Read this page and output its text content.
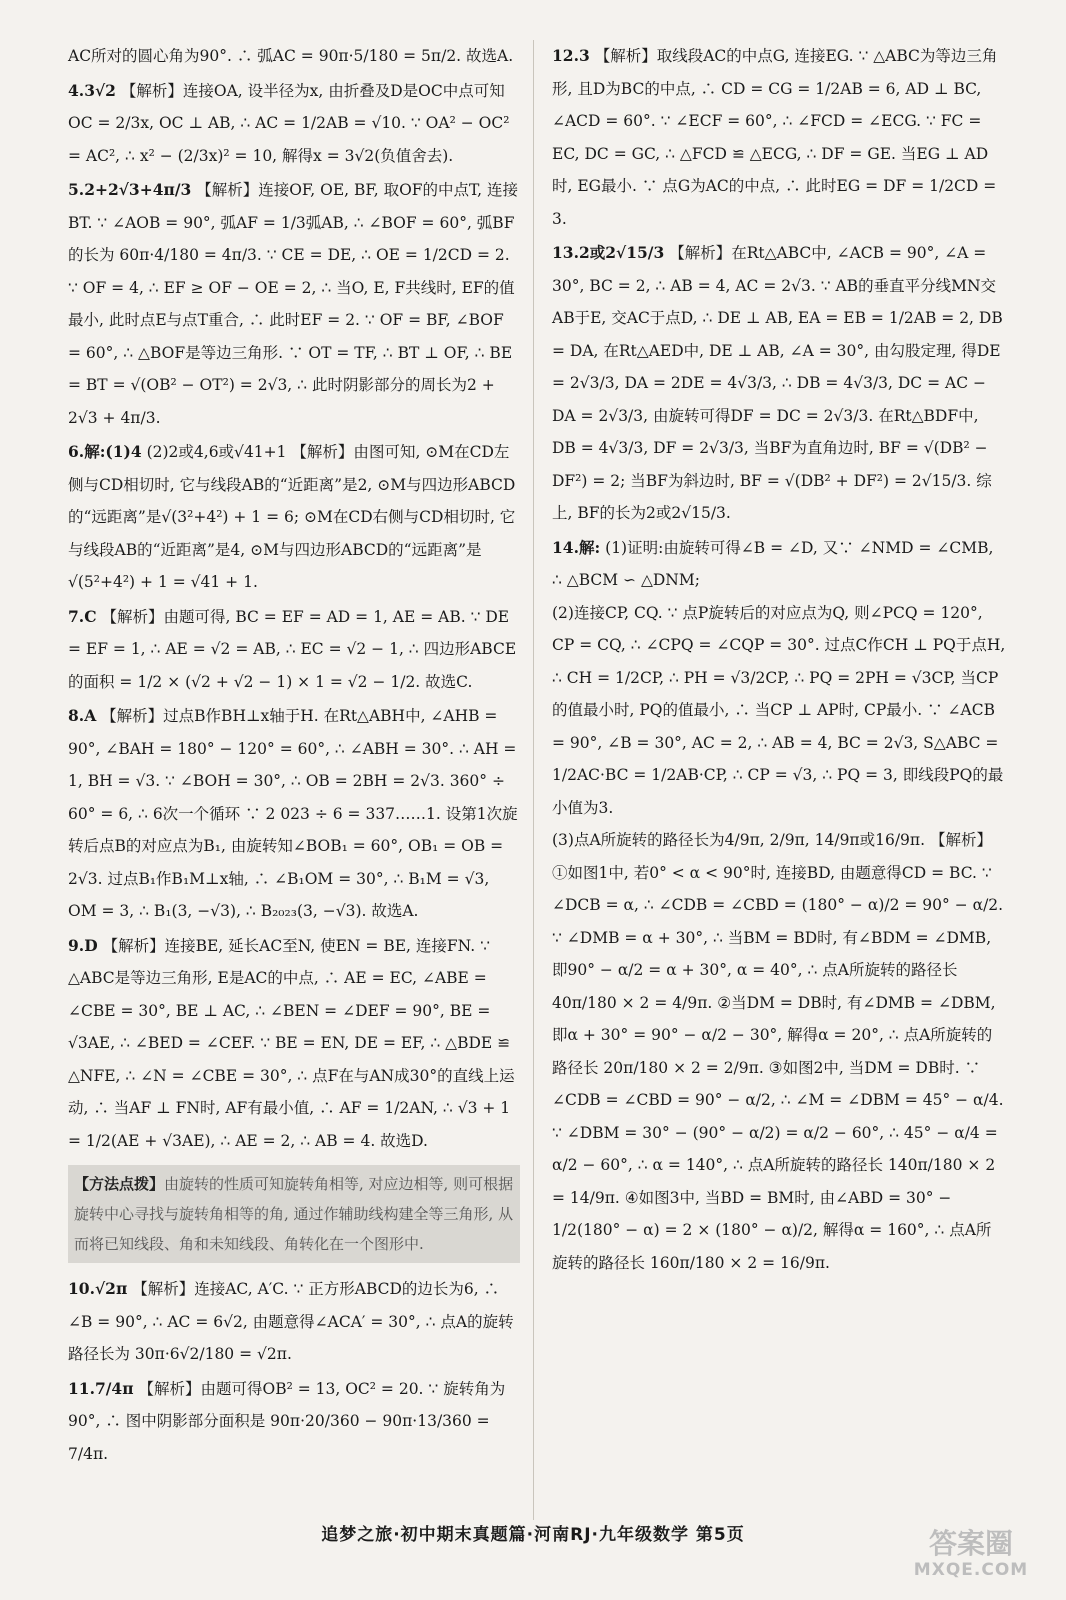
AC所对的圆心角为90°. ∴ 弧AC = 90π·5/180 = 5π/2. 故选A.

4.3√2 【解析】连接OA, 设半径为x, 由折叠及D是OC中点可知OC = 2/3x, OC ⊥ AB, ∴ AC = 1/2AB = √10. ∵ OA² − OC² = AC², ∴ x² − (2/3x)² = 10, 解得x = 3√2(负值舍去).

5.2+2√3+4π/3 【解析】连接OF, OE, BF, 取OF的中点T, 连接BT. ∵ ∠AOB = 90°, 弧AF = 1/3弧AB, ∴ ∠BOF = 60°, 弧BF的长为 60π·4/180 = 4π/3. ∵ CE = DE, ∴ OE = 1/2CD = 2. ∵ OF = 4, ∴ EF ≥ OF − OE = 2, ∴ 当O, E, F共线时, EF的值最小, 此时点E与点T重合, ∴ 此时EF = 2. ∵ OF = BF, ∠BOF = 60°, ∴ △BOF是等边三角形. ∵ OT = TF, ∴ BT ⊥ OF, ∴ BE = BT = √(OB² − OT²) = 2√3, ∴ 此时阴影部分的周长为2 + 2√3 + 4π/3.

6.解:(1)4 (2)2或4,6或√41+1 【解析】由图可知, ⊙M在CD左侧与CD相切时, 它与线段AB的“近距离”是2, ⊙M与四边形ABCD的“远距离”是√(3²+4²) + 1 = 6; ⊙M在CD右侧与CD相切时, 它与线段AB的“近距离”是4, ⊙M与四边形ABCD的“远距离”是√(5²+4²) + 1 = √41 + 1.

7.C 【解析】由题可得, BC = EF = AD = 1, AE = AB. ∵ DE = EF = 1, ∴ AE = √2 = AB, ∴ EC = √2 − 1, ∴ 四边形ABCE的面积 = 1/2 × (√2 + √2 − 1) × 1 = √2 − 1/2. 故选C.

8.A 【解析】过点B作BH⊥x轴于H. 在Rt△ABH中, ∠AHB = 90°, ∠BAH = 180° − 120° = 60°, ∴ ∠ABH = 30°. ∴ AH = 1, BH = √3. ∵ ∠BOH = 30°, ∴ OB = 2BH = 2√3. 360° ÷ 60° = 6, ∴ 6次一个循环 ∵ 2 023 ÷ 6 = 337……1. 设第1次旋转后点B的对应点为B₁, 由旋转知∠BOB₁ = 60°, OB₁ = OB = 2√3. 过点B₁作B₁M⊥x轴, ∴ ∠B₁OM = 30°, ∴ B₁M = √3, OM = 3, ∴ B₁(3, −√3), ∴ B₂₀₂₃(3, −√3). 故选A.

9.D 【解析】连接BE, 延长AC至N, 使EN = BE, 连接FN. ∵ △ABC是等边三角形, E是AC的中点, ∴ AE = EC, ∠ABE = ∠CBE = 30°, BE ⊥ AC, ∴ ∠BEN = ∠DEF = 90°, BE = √3AE, ∴ ∠BED = ∠CEF. ∵ BE = EN, DE = EF, ∴ △BDE ≌ △NFE, ∴ ∠N = ∠CBE = 30°, ∴ 点F在与AN成30°的直线上运动, ∴ 当AF ⊥ FN时, AF有最小值, ∴ AF = 1/2AN, ∴ √3 + 1 = 1/2(AE + √3AE), ∴ AE = 2, ∴ AB = 4. 故选D.

【方法点拨】由旋转的性质可知旋转角相等, 对应边相等, 则可根据旋转中心寻找与旋转角相等的角, 通过作辅助线构建全等三角形, 从而将已知线段、角和未知线段、角转化在一个图形中.

10.√2π 【解析】连接AC, A′C. ∵ 正方形ABCD的边长为6, ∴ ∠B = 90°, ∴ AC = 6√2, 由题意得∠ACA′ = 30°, ∴ 点A的旋转路径长为 30π·6√2/180 = √2π.

11.7/4π 【解析】由题可得OB² = 13, OC² = 20. ∵ 旋转角为90°, ∴ 图中阴影部分面积是 90π·20/360 − 90π·13/360 = 7/4π.

12.3 【解析】取线段AC的中点G, 连接EG. ∵ △ABC为等边三角形, 且D为BC的中点, ∴ CD = CG = 1/2AB = 6, AD ⊥ BC, ∠ACD = 60°. ∵ ∠ECF = 60°, ∴ ∠FCD = ∠ECG. ∵ FC = EC, DC = GC, ∴ △FCD ≌ △ECG, ∴ DF = GE. 当EG ⊥ AD时, EG最小. ∵ 点G为AC的中点, ∴ 此时EG = DF = 1/2CD = 3.

13.2或2√15/3 【解析】在Rt△ABC中, ∠ACB = 90°, ∠A = 30°, BC = 2, ∴ AB = 4, AC = 2√3. ∵ AB的垂直平分线MN交AB于E, 交AC于点D, ∴ DE ⊥ AB, EA = EB = 1/2AB = 2, DB = DA, 在Rt△AED中, DE ⊥ AB, ∠A = 30°, 由勾股定理, 得DE = 2√3/3, DA = 2DE = 4√3/3, ∴ DB = 4√3/3, DC = AC − DA = 2√3/3, 由旋转可得DF = DC = 2√3/3. 在Rt△BDF中, DB = 4√3/3, DF = 2√3/3, 当BF为直角边时, BF = √(DB² − DF²) = 2; 当BF为斜边时, BF = √(DB² + DF²) = 2√15/3. 综上, BF的长为2或2√15/3.

14.解: (1)证明:由旋转可得∠B = ∠D, 又∵ ∠NMD = ∠CMB, ∴ △BCM ∽ △DNM;

(2)连接CP, CQ. ∵ 点P旋转后的对应点为Q, 则∠PCQ = 120°, CP = CQ, ∴ ∠CPQ = ∠CQP = 30°. 过点C作CH ⊥ PQ于点H, ∴ CH = 1/2CP, ∴ PH = √3/2CP, ∴ PQ = 2PH = √3CP, 当CP的值最小时, PQ的值最小, ∴ 当CP ⊥ AP时, CP最小. ∵ ∠ACB = 90°, ∠B = 30°, AC = 2, ∴ AB = 4, BC = 2√3, S△ABC = 1/2AC·BC = 1/2AB·CP, ∴ CP = √3, ∴ PQ = 3, 即线段PQ的最小值为3.

(3)点A所旋转的路径长为4/9π, 2/9π, 14/9π或16/9π. 【解析】①如图1中, 若0° < α < 90°时, 连接BD, 由题意得CD = BC. ∵ ∠DCB = α, ∴ ∠CDB = ∠CBD = (180° − α)/2 = 90° − α/2. ∵ ∠DMB = α + 30°, ∴ 当BM = BD时, 有∠BDM = ∠DMB, 即90° − α/2 = α + 30°, α = 40°, ∴ 点A所旋转的路径长 40π/180 × 2 = 4/9π. ②当DM = DB时, 有∠DMB = ∠DBM, 即α + 30° = 90° − α/2 − 30°, 解得α = 20°, ∴ 点A所旋转的路径长 20π/180 × 2 = 2/9π. ③如图2中, 当DM = DB时. ∵ ∠CDB = ∠CBD = 90° − α/2, ∴ ∠M = ∠DBM = 45° − α/4. ∵ ∠DBM = 30° − (90° − α/2) = α/2 − 60°, ∴ 45° − α/4 = α/2 − 60°, ∴ α = 140°, ∴ 点A所旋转的路径长 140π/180 × 2 = 14/9π. ④如图3中, 当BD = BM时, 由∠ABD = 30° − 1/2(180° − α) = 2 × (180° − α)/2, 解得α = 160°, ∴ 点A所旋转的路径长 160π/180 × 2 = 16/9π.

追梦之旅·初中期末真题篇·河南RJ·九年级数学 第5页	答案圈
MXQE.COM
